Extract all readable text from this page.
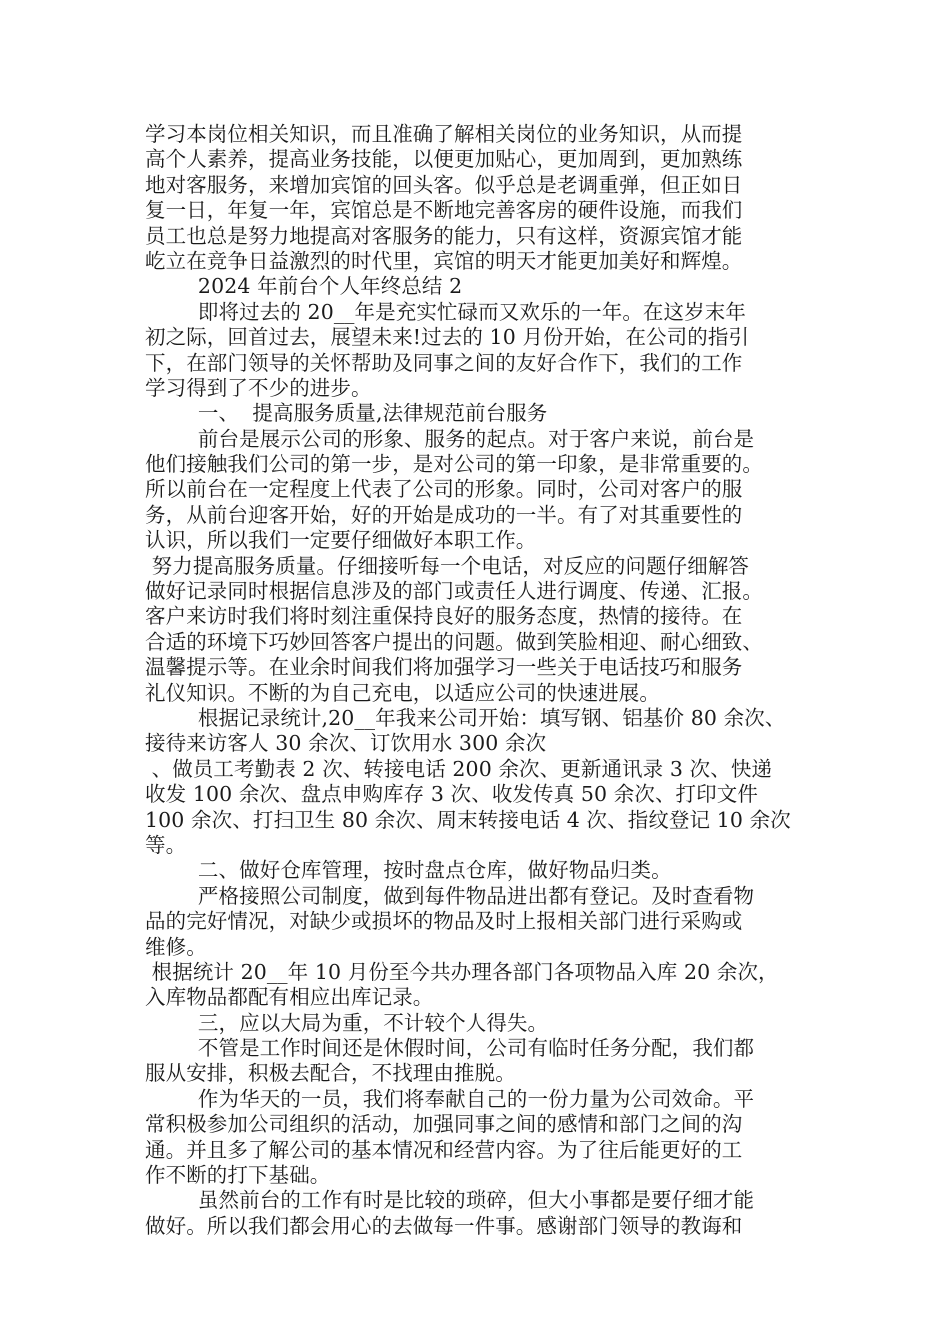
学习本岗位相关知识，而且准确了解相关岗位的业务知识，从而提
高个人素养，提高业务技能，以便更加贴心，更加周到，更加熟练
地对客服务，来增加宾馆的回头客。似乎总是老调重弹，但正如日
复一日，年复一年，宾馆总是不断地完善客房的硬件设施，而我们
员工也总是努力地提高对客服务的能力，只有这样，资源宾馆才能
屹立在竞争日益激烈的时代里，宾馆的明天才能更加美好和辉煌。
2024 年前台个人年终总结 2
即将过去的 20__年是充实忙碌而又欢乐的一年。在这岁末年
初之际，回首过去，展望未来!过去的 10 月份开始，在公司的指引
下，在部门领导的关怀帮助及同事之间的友好合作下，我们的工作
学习得到了不少的进步。
一、  提高服务质量,法律规范前台服务
前台是展示公司的形象、服务的起点。对于客户来说，前台是
他们接触我们公司的第一步，是对公司的第一印象，是非常重要的。
所以前台在一定程度上代表了公司的形象。同时，公司对客户的服
务，从前台迎客开始，好的开始是成功的一半。有了对其重要性的
认识，所以我们一定要仔细做好本职工作。
努力提高服务质量。仔细接听每一个电话，对反应的问题仔细解答
做好记录同时根据信息涉及的部门或责任人进行调度、传递、汇报。
客户来访时我们将时刻注重保持良好的服务态度，热情的接待。在
合适的环境下巧妙回答客户提出的问题。做到笑脸相迎、耐心细致、
温馨提示等。在业余时间我们将加强学习一些关于电话技巧和服务
礼仪知识。不断的为自己充电，以适应公司的快速进展。
根据记录统计,20__年我来公司开始：填写钢、铝基价 80 余次、
接待来访客人 30 余次、订饮用水 300 余次
、做员工考勤表 2 次、转接电话 200 余次、更新通讯录 3 次、快递
收发 100 余次、盘点申购库存 3 次、收发传真 50 余次、打印文件
100 余次、打扫卫生 80 余次、周末转接电话 4 次、指纹登记 10 余次
等。
二、做好仓库管理，按时盘点仓库，做好物品归类。
严格接照公司制度，做到每件物品进出都有登记。及时查看物
品的完好情况，对缺少或损坏的物品及时上报相关部门进行采购或
维修。
根据统计 20__年 10 月份至今共办理各部门各项物品入库 20 余次，
入库物品都配有相应出库记录。
三，应以大局为重，不计较个人得失。
不管是工作时间还是休假时间，公司有临时任务分配，我们都
服从安排，积极去配合，不找理由推脱。
作为华天的一员，我们将奉献自己的一份力量为公司效命。平
常积极参加公司组织的活动，加强同事之间的感情和部门之间的沟
通。并且多了解公司的基本情况和经营内容。为了往后能更好的工
作不断的打下基础。
虽然前台的工作有时是比较的琐碎，但大小事都是要仔细才能
做好。所以我们都会用心的去做每一件事。感谢部门领导的教诲和
